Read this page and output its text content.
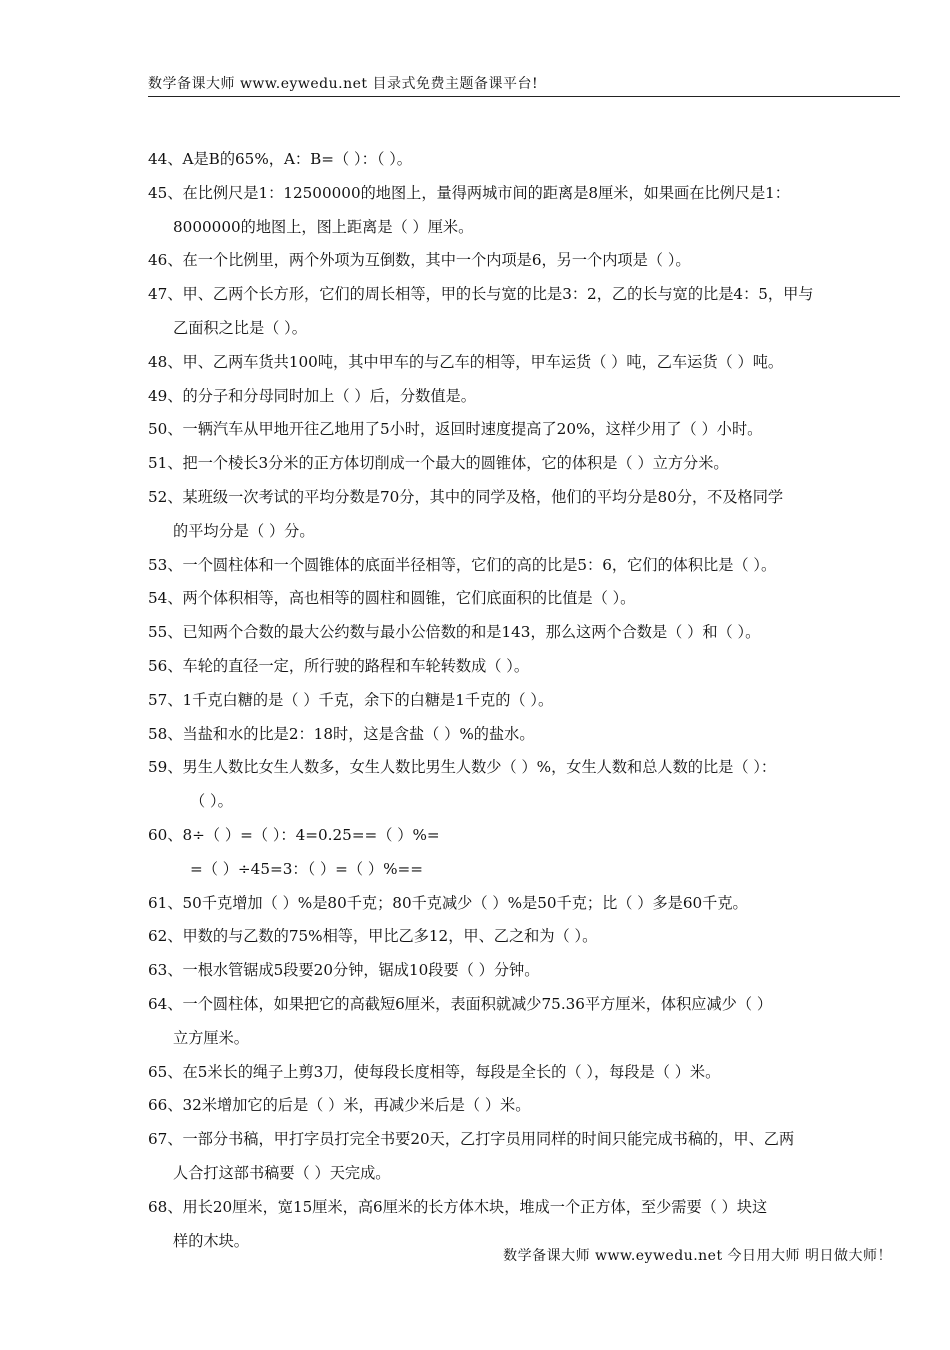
数学备课大师 www.eywedu.net 目录式免费主题备课平台!
44、A是B的65%，A：B=（ ）：（ ）。
45、在比例尺是1：12500000的地图上，量得两城市间的距离是8厘米，如果画在比例尺是1：
8000000的地图上，图上距离是（ ）厘米。
46、在一个比例里，两个外项为互倒数，其中一个内项是6，另一个内项是（ ）。
47、甲、乙两个长方形，它们的周长相等，甲的长与宽的比是3：2，乙的长与宽的比是4：5，甲与
乙面积之比是（ ）。
48、甲、乙两车货共100吨，其中甲车的与乙车的相等，甲车运货（ ）吨，乙车运货（ ）吨。
49、的分子和分母同时加上（ ）后，分数值是。
50、一辆汽车从甲地开往乙地用了5小时，返回时速度提高了20%，这样少用了（ ）小时。
51、把一个棱长3分米的正方体切削成一个最大的圆锥体，它的体积是（ ）立方分米。
52、某班级一次考试的平均分数是70分，其中的同学及格，他们的平均分是80分，不及格同学
的平均分是（ ）分。
53、一个圆柱体和一个圆锥体的底面半径相等，它们的高的比是5：6，它们的体积比是（ ）。
54、两个体积相等，高也相等的圆柱和圆锥，它们底面积的比值是（ ）。
55、已知两个合数的最大公约数与最小公倍数的和是143，那么这两个合数是（ ）和（ ）。
56、车轮的直径一定，所行驶的路程和车轮转数成（ ）。
57、1千克白糖的是（ ）千克，余下的白糖是1千克的（ ）。
58、当盐和水的比是2：18时，这是含盐（ ）%的盐水。
59、男生人数比女生人数多，女生人数比男生人数少（ ）%，女生人数和总人数的比是（ ）：
（ ）。
60、8÷（ ）=（ ）：4=0.25==（ ）%=
=（ ）÷45=3：（ ）=（ ）%==
61、50千克增加（ ）%是80千克；80千克减少（ ）%是50千克；比（ ）多是60千克。
62、甲数的与乙数的75%相等，甲比乙多12，甲、乙之和为（ ）。
63、一根水管锯成5段要20分钟，锯成10段要（ ）分钟。
64、一个圆柱体，如果把它的高截短6厘米，表面积就减少75.36平方厘米，体积应减少（ ）
立方厘米。
65、在5米长的绳子上剪3刀，使每段长度相等，每段是全长的（ ），每段是（ ）米。
66、32米增加它的后是（ ）米，再减少米后是（ ）米。
67、一部分书稿，甲打字员打完全书要20天，乙打字员用同样的时间只能完成书稿的，甲、乙两
人合打这部书稿要（ ）天完成。
68、用长20厘米，宽15厘米，高6厘米的长方体木块，堆成一个正方体，至少需要（ ）块这
样的木块。
数学备课大师 www.eywedu.net 今日用大师 明日做大师！
